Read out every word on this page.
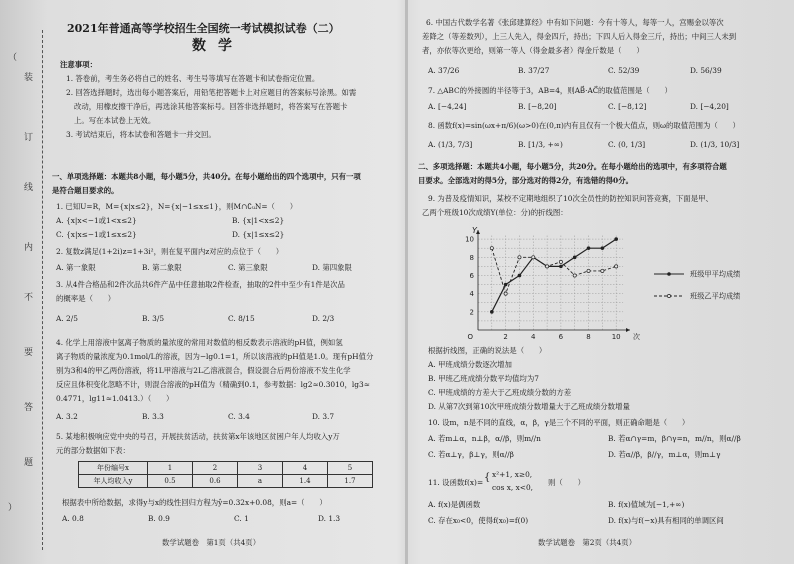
装
订
线
内
不
要
答
题
（
）
2021年普通高等学校招生全国统一考试模拟试卷（二）
数学
注意事项：
1. 答卷前，考生务必将自己的姓名、考生号等填写在答题卡和试卷指定位置。
2. 回答选择题时，选出每小题答案后，用铅笔把答题卡上对应题目的答案标号涂黑。如需
改动，用橡皮擦干净后，再选涂其他答案标号。回答非选择题时，将答案写在答题卡
上。写在本试卷上无效。
3. 考试结束后，将本试卷和答题卡一并交回。
一、单项选择题：本题共8小题，每小题5分，共40分。在每小题给出的四个选项中，只有一项
是符合题目要求的。
1. 已知U=R，M={x|x≤2}，N={x|−1≤x≤1}，则M∩∁ᵤN=（　　）
A. {x|x<−1或1<x≤2}	B. {x|1<x≤2}
C. {x|x≤−1或1≤x≤2}	D. {x|1≤x≤2}
2. 复数z满足(1+2i)z=1+3i²，则在复平面内z对应的点位于（　　）
A. 第一象限	B. 第二象限	C. 第三象限	D. 第四象限
3. 从4件合格品和2件次品共6件产品中任意抽取2件检查，抽取的2件中至少有1件是次品
的概率是（　　）
A. 2/5	B. 3/5	C. 8/15	D. 2/3
4. 化学上用溶液中氢离子物质的量浓度的常用对数值的相反数表示溶液的pH值，例如氢
离子物质的量浓度为0.1mol/L的溶液，因为−lg0.1=1，所以该溶液的pH值是1.0。现有pH值分
别为3和4的甲乙两份溶液，将1L甲溶液与2L乙溶液混合，假设混合后两份溶液不发生化学
反应且体积变化忽略不计，则混合溶液的pH值为（精确到0.1，参考数据：lg2≈0.3010，lg3≈
0.4771，lg11≈1.0413.）（　　）
A. 3.2	B. 3.3	C. 3.4	D. 3.7
5. 某地积极响应党中央的号召，开展扶贫活动，扶贫第x年该地区贫困户年人均收入y万
元的部分数据如下表：
年份编号x	1	2	3	4	5
年人均收入y	0.5	0.6	a	1.4	1.7
根据表中所给数据，求得y与x的线性回归方程为ŷ=0.32x+0.08，则a=（　　）
A. 0.8	B. 0.9	C. 1	D. 1.3
数学试题卷　第1页（共4页）
6. 中国古代数学名著《张邱建算经》中有如下问题：今有十等人，每等一人，宫赐金以等次
差降之（等差数列），上三人先入，得金四斤，持出；下四人后入得金三斤，持出；中间三人未到
者，亦依等次更给，则第一等人（得金最多者）得金斤数是（　　）
A. 37/26	B. 37/27	C. 52/39	D. 56/39
7. △ABC的外接圆的半径等于3，AB=4，则AB⃗·AC⃗的取值范围是（　　）
A. [−4,24]	B. [−8,20]	C. [−8,12]	D. [−4,20]
8. 函数f(x)=sin(ωx+π/6)(ω>0)在(0,π)内有且仅有一个极大值点，则ω的取值范围为（　　）
A. (1/3, 7/3]	B. [1/3, +∞)	C. (0, 1/3]	D. (1/3, 10/3]
二、多项选择题：本题共4小题，每小题5分，共20分。在每小题给出的选项中，有多项符合题
目要求。全部选对的得5分，部分选对的得2分，有选错的得0分。
9. 为普及疫情知识，某校不定期地组织了10次全员性的防控知识问答竞赛，下面是甲、
乙两个班级10次成绩Y(单位：分)的折线图：
2	4	6	8	10
2
4
6
8
10
O
Y
次
班级甲平均成绩
班级乙平均成绩
根据折线图，正确的说法是（　　）
A. 甲班成绩分数逐次增加
B. 甲班乙班成绩分数平均值均为7
C. 甲班成绩的方差大于乙班成绩分数的方差
D. 从第7次到第10次甲班成绩分数增量大于乙班成绩分数增量
10. 设m，n是不同的直线，α，β，γ是三个不同的平面，则正确命题是（　　）
A. 若m⊥α，n⊥β，α//β，则m//n	B. 若α∩γ=m，β∩γ=n，m//n，则α//β
C. 若α⊥γ，β⊥γ，则α//β	D. 若α//β，β//γ，m⊥α，则m⊥γ
11. 设函数f(x)= { x²+1, x≥0,
cos x, x<0,
则（　　）
A. f(x)是偶函数	B. f(x)值域为[−1,+∞)
C. 存在x₀<0，使得f(x₀)=f(0)	D. f(x)与f(−x)具有相同的单调区间
数学试题卷　第2页（共4页）
